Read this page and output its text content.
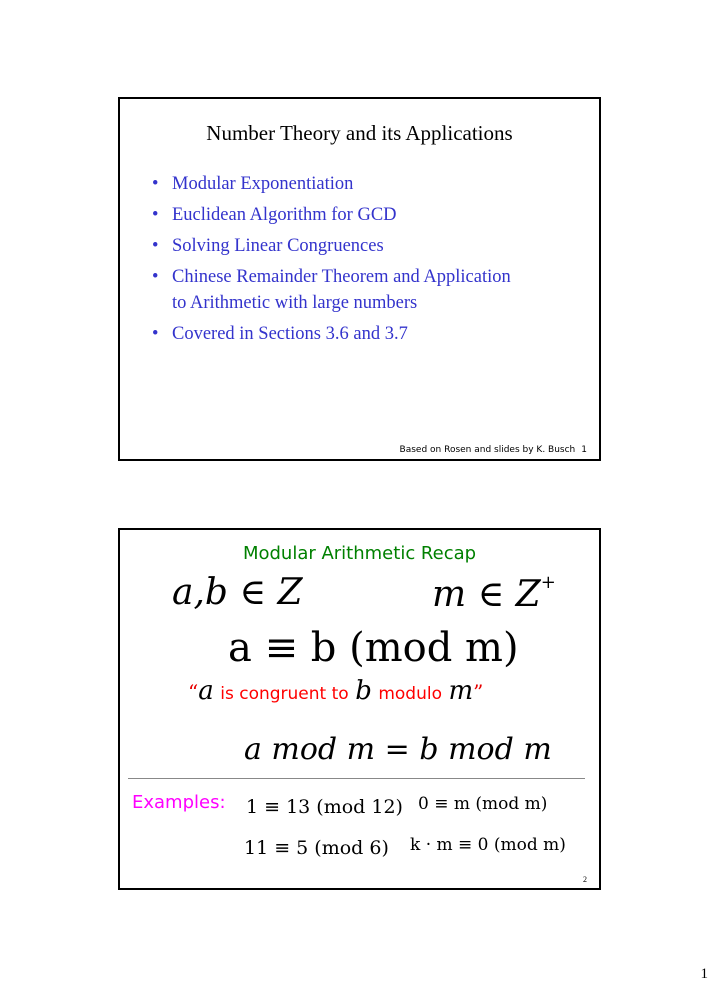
Number Theory and its Applications
• Modular Exponentiation
• Euclidean Algorithm for GCD
• Solving Linear Congruences
• Chinese Remainder Theorem and Application
to Arithmetic with large numbers
• Covered in Sections 3.6 and 3.7
Based on Rosen and slides by K. Busch 1
Modular Arithmetic Recap
a,b ∈ Z	m ∈ Z+
a ≡ b (mod m)
“a is congruent to b modulo m”
a mod m = b mod m
Examples: 1 ≡ 13 (mod 12) 0 ≡ m (mod m)
11 ≡ 5 (mod 6) k · m ≡ 0 (mod m)
2
1
